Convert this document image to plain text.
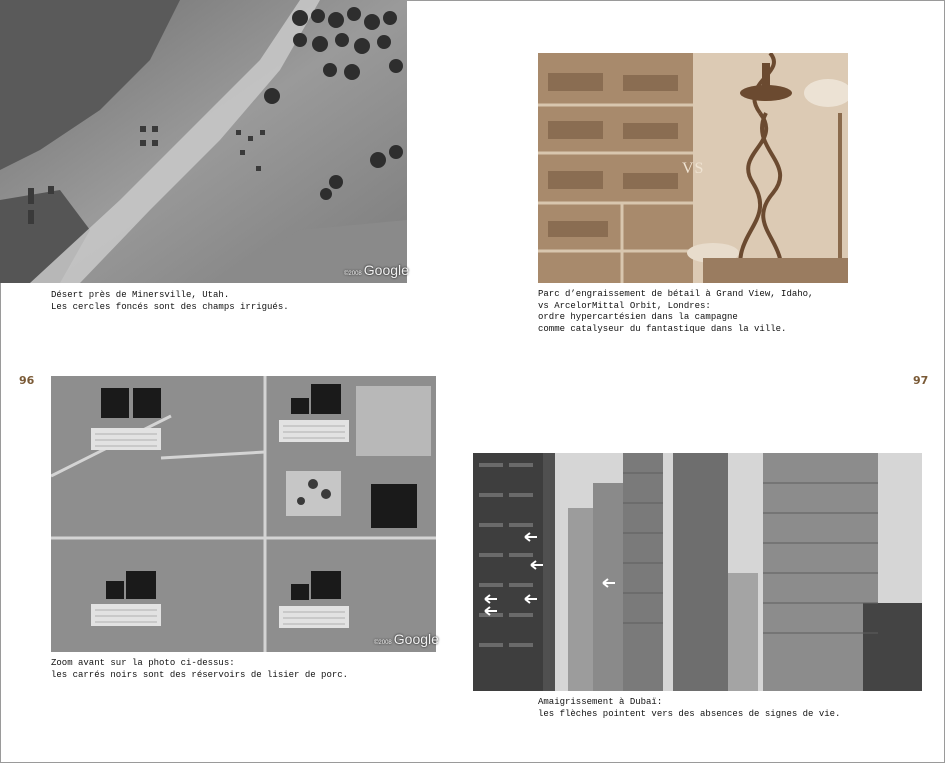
96	97
©2008 Google
Désert près de Minersville, Utah.
Les cercles foncés sont des champs irrigués.
VS
Parc d’engraissement de bétail à Grand View, Idaho,
vs ArcelorMittal Orbit, Londres:
ordre hypercartésien dans la campagne
comme catalyseur du fantastique dans la ville.
©2008 Google
Zoom avant sur la photo ci-dessus:
les carrés noirs sont des réservoirs de lisier de porc.
Amaigrissement à Dubaï:
les flèches pointent vers des absences de signes de vie.
